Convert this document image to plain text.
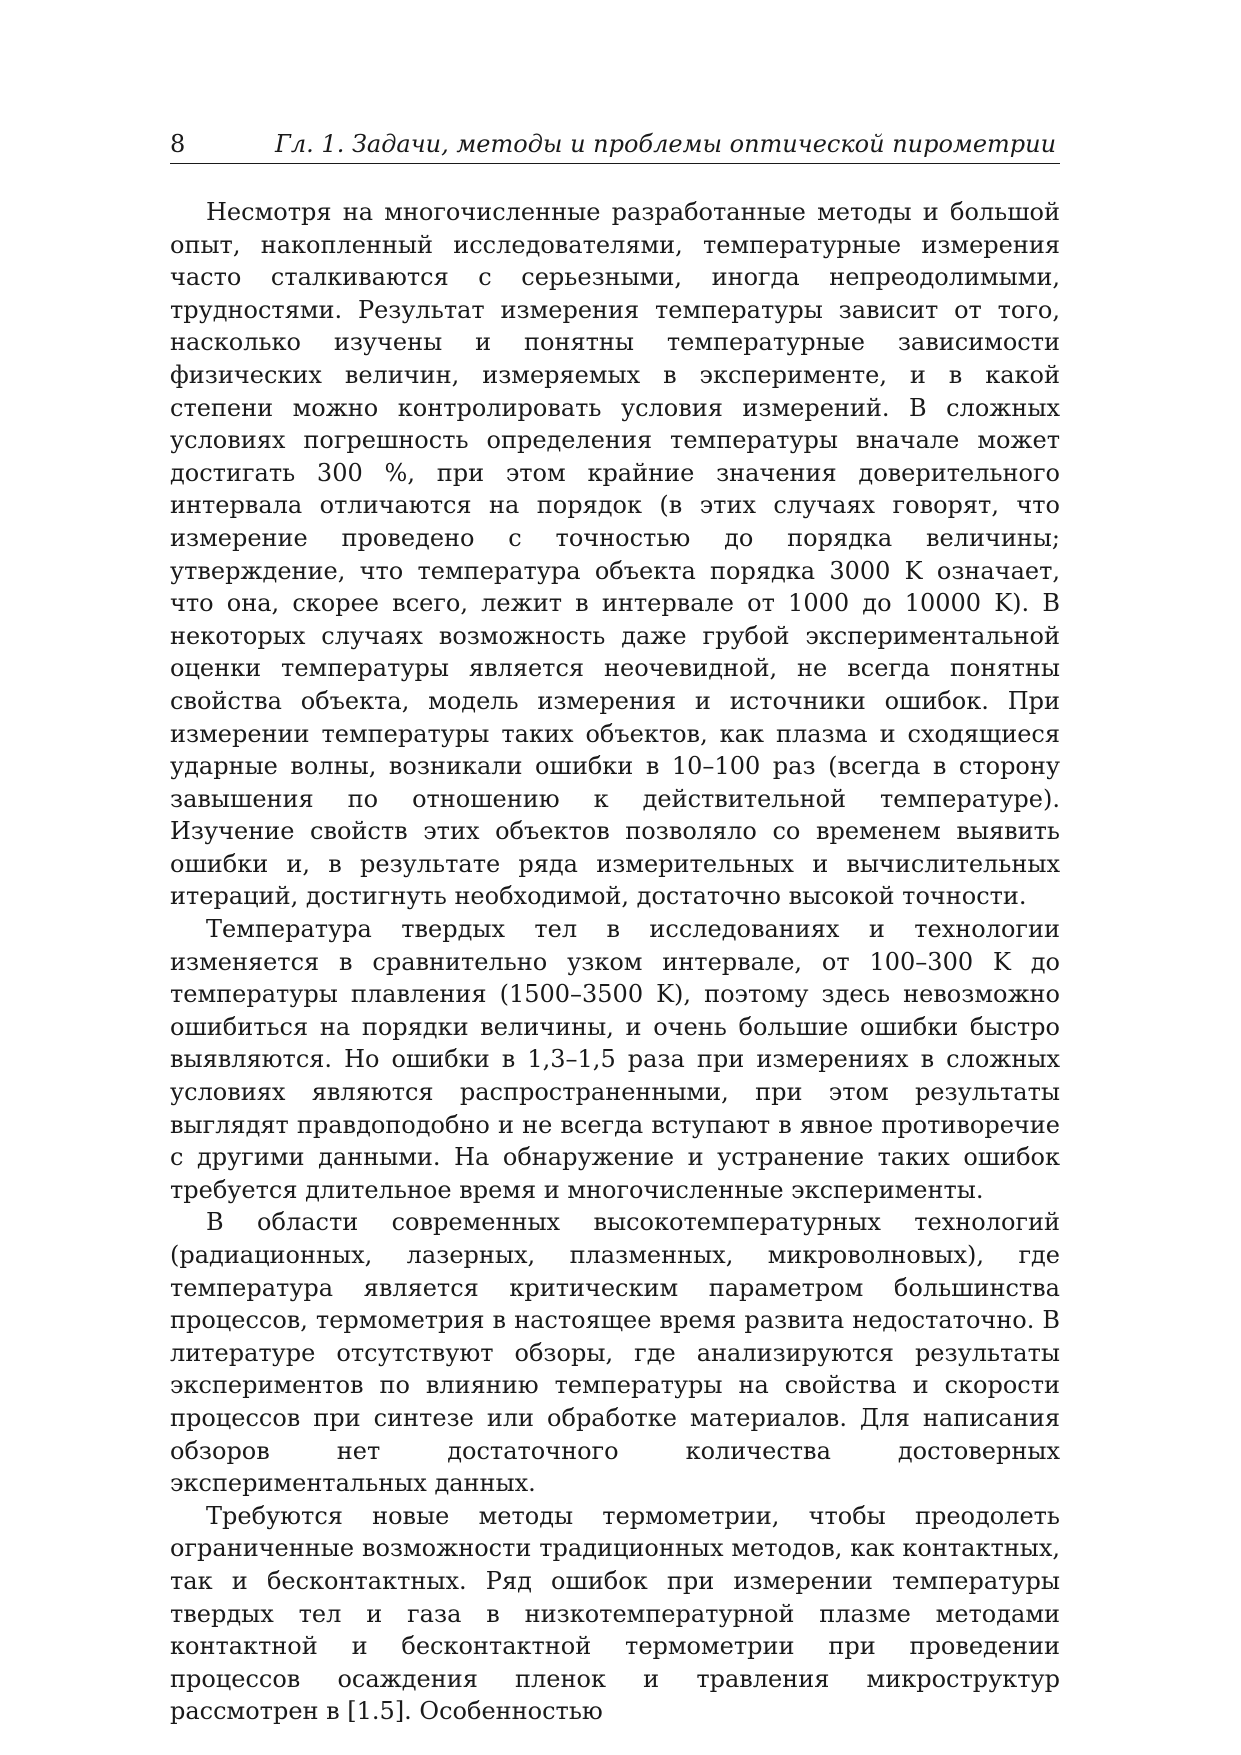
8	Гл. 1. Задачи, методы и проблемы оптической пирометрии

Несмотря на многочисленные разработанные методы и большой опыт, накопленный исследователями, температурные измерения часто сталкиваются с серьезными, иногда непреодолимыми, трудностями. Результат измерения температуры зависит от того, насколько изучены и понятны температурные зависимости физических величин, измеряемых в эксперименте, и в какой степени можно контролировать условия измерений. В сложных условиях погрешность определения температуры вначале может достигать 300 %, при этом крайние значения доверительного интервала отличаются на порядок (в этих случаях говорят, что измерение проведено с точностью до порядка величины; утверждение, что температура объекта порядка 3000 K означает, что она, скорее всего, лежит в интервале от 1000 до 10000 K). В некоторых случаях возможность даже грубой экспериментальной оценки температуры является неочевидной, не всегда понятны свойства объекта, модель измерения и источники ошибок. При измерении температуры таких объектов, как плазма и сходящиеся ударные волны, возникали ошибки в 10–100 раз (всегда в сторону завышения по отношению к действительной температуре). Изучение свойств этих объектов позволяло со временем выявить ошибки и, в результате ряда измерительных и вычислительных итераций, достигнуть необходимой, достаточно высокой точности.

Температура твердых тел в исследованиях и технологии изменяется в сравнительно узком интервале, от 100–300 K до температуры плавления (1500–3500 K), поэтому здесь невозможно ошибиться на порядки величины, и очень большие ошибки быстро выявляются. Но ошибки в 1,3–1,5 раза при измерениях в сложных условиях являются распространенными, при этом результаты выглядят правдоподобно и не всегда вступают в явное противоречие с другими данными. На обнаружение и устранение таких ошибок требуется длительное время и многочисленные эксперименты.

В области современных высокотемпературных технологий (радиационных, лазерных, плазменных, микроволновых), где температура является критическим параметром большинства процессов, термометрия в настоящее время развита недостаточно. В литературе отсутствуют обзоры, где анализируются результаты экспериментов по влиянию температуры на свойства и скорости процессов при синтезе или обработке материалов. Для написания обзоров нет достаточного количества достоверных экспериментальных данных.

Требуются новые методы термометрии, чтобы преодолеть ограниченные возможности традиционных методов, как контактных, так и бесконтактных. Ряд ошибок при измерении температуры твердых тел и газа в низкотемпературной плазме методами контактной и бесконтактной термометрии при проведении процессов осаждения пленок и травления микроструктур рассмотрен в [1.5]. Особенностью
